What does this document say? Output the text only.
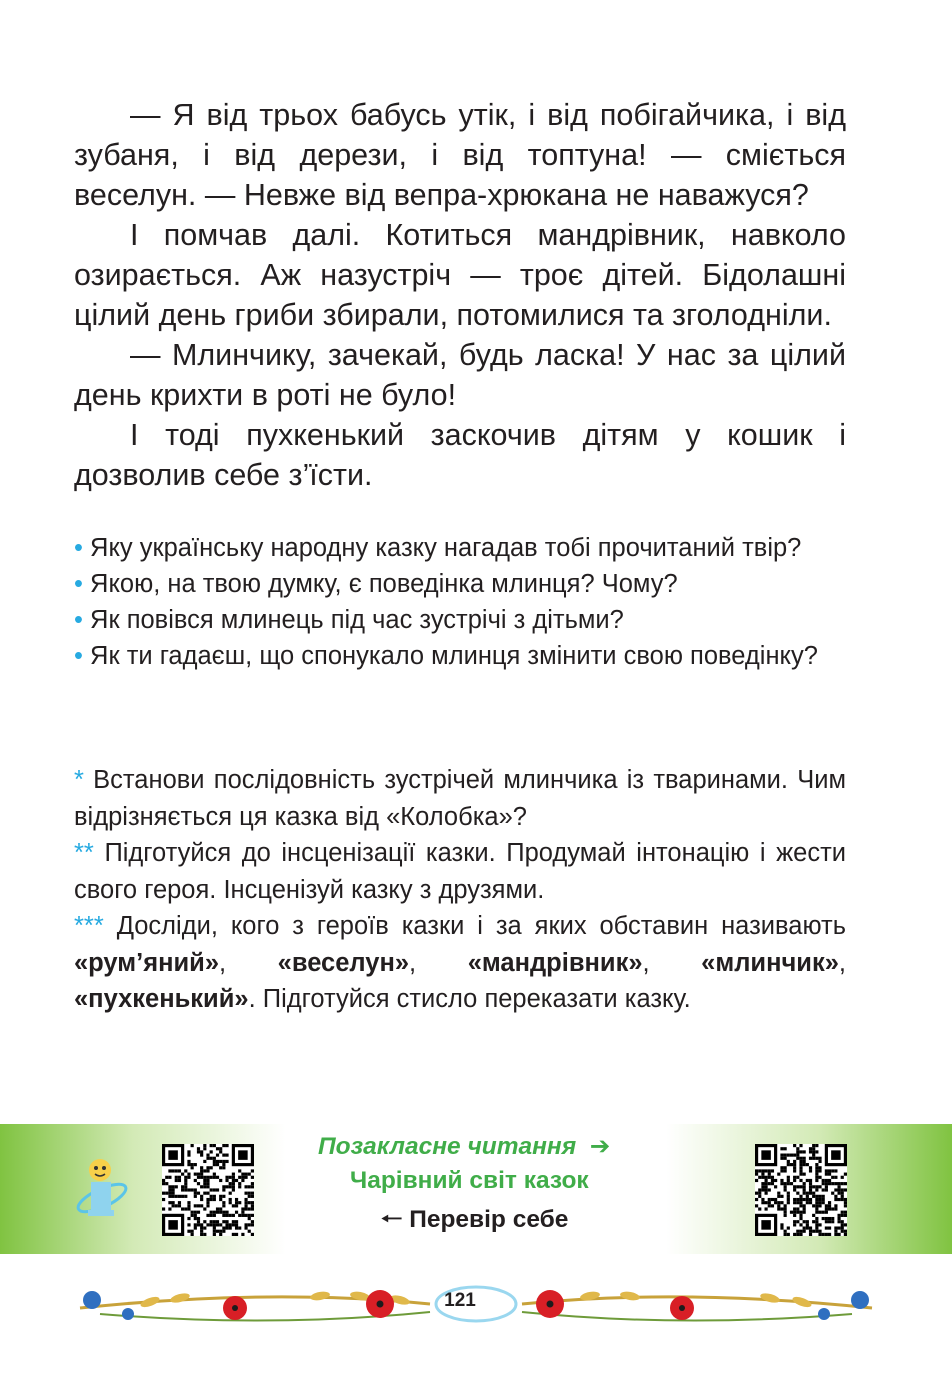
— Я від трьох бабусь утік, і від побігайчика, і від зубаня, і від дерези, і від топтуна! — сміється веселун. — Невже від вепра-хрюкана не наважуся?

І помчав далі. Котиться мандрівник, навколо озирається. Аж назустріч — троє дітей. Бідолашні цілий день гриби збирали, потомилися та зголодніли.

— Млинчику, зачекай, будь ласка! У нас за цілий день крихти в роті не було!

І тоді пухкенький заскочив дітям у кошик і дозволив себе з’їсти.

• Яку українську народну казку нагадав тобі прочитаний твір?

• Якою, на твою думку, є поведінка млинця? Чому?

• Як повівся млинець під час зустрічі з дітьми?

• Як ти гадаєш, що спонукало млинця змінити свою поведінку?

* Встанови послідовність зустрічей млинчика із тваринами. Чим відрізняється ця казка від «Колобка»?

** Підготуйся до інсценізації казки. Продумай інтонацію і жести свого героя. Інсценізуй казку з друзями.

*** Досліди, кого з героїв казки і за яких обставин називають «рум’яний», «веселун», «мандрівник», «млинчик», «пухкенький». Підготуйся стисло переказати казку.

Позакласне читання ➔
Чарівний світ казок
🠐 Перевір себе
121
